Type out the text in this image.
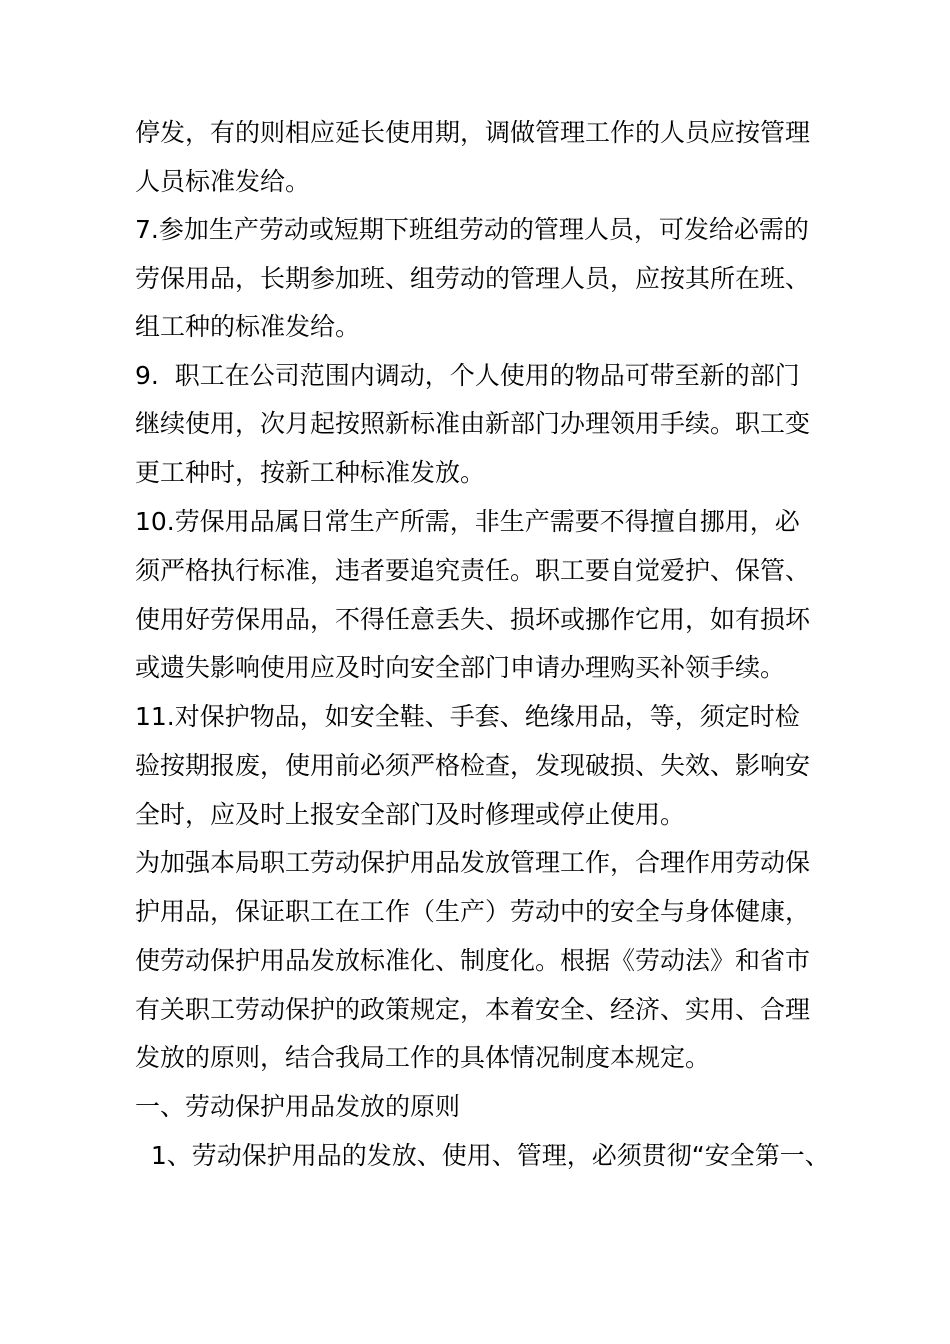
停发，有的则相应延长使用期，调做管理工作的人员应按管理
人员标准发给。
7.参加生产劳动或短期下班组劳动的管理人员，可发给必需的
劳保用品，长期参加班、组劳动的管理人员，应按其所在班、
组工种的标准发给。
9.  职工在公司范围内调动，个人使用的物品可带至新的部门
继续使用，次月起按照新标准由新部门办理领用手续。职工变
更工种时，按新工种标准发放。
10.劳保用品属日常生产所需，非生产需要不得擅自挪用，必
须严格执行标准，违者要追究责任。职工要自觉爱护、保管、
使用好劳保用品，不得任意丢失、损坏或挪作它用，如有损坏
或遗失影响使用应及时向安全部门申请办理购买补领手续。
11.对保护物品，如安全鞋、手套、绝缘用品，等，须定时检
验按期报废，使用前必须严格检查，发现破损、失效、影响安
全时，应及时上报安全部门及时修理或停止使用。
为加强本局职工劳动保护用品发放管理工作，合理作用劳动保
护用品，保证职工在工作（生产）劳动中的安全与身体健康，
使劳动保护用品发放标准化、制度化。根据《劳动法》和省市
有关职工劳动保护的政策规定，本着安全、经济、实用、合理
发放的原则，结合我局工作的具体情况制度本规定。
一、劳动保护用品发放的原则
1、劳动保护用品的发放、使用、管理，必须贯彻“安全第一、
